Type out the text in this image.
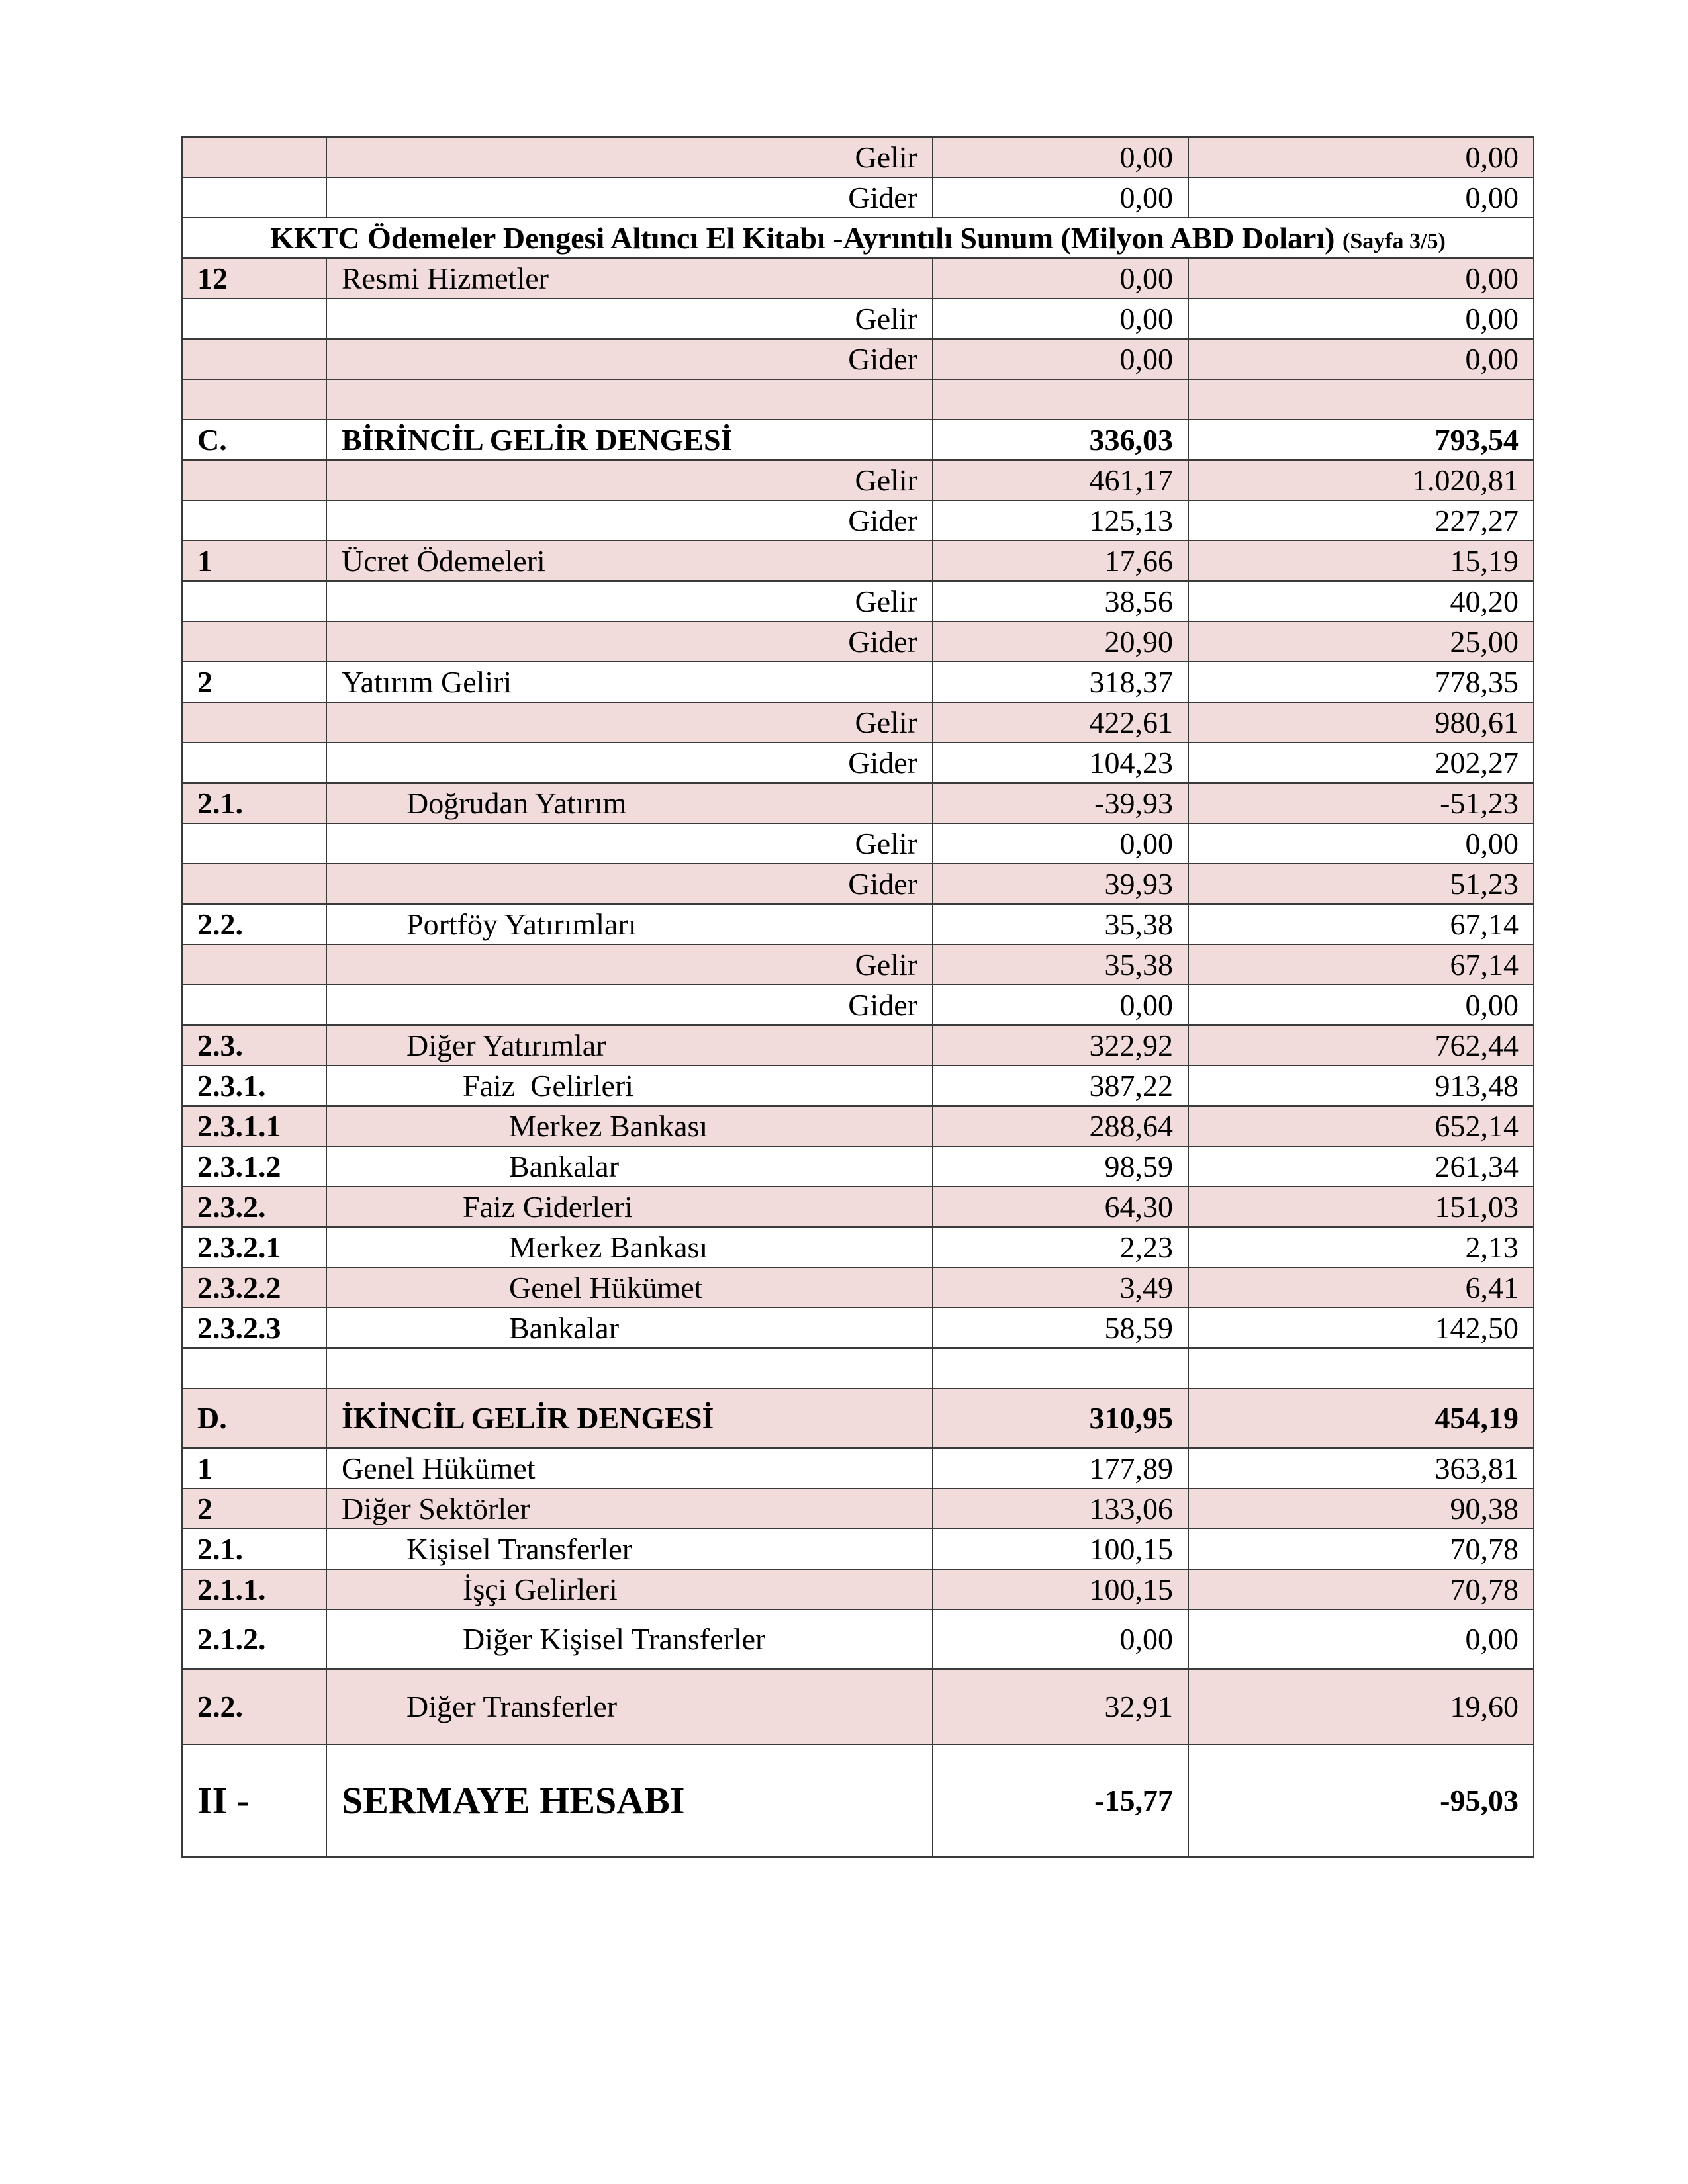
	Gelir	0,00	0,00
	Gider	0,00	0,00
KKTC Ödemeler Dengesi Altıncı El Kitabı -Ayrıntılı Sunum (Milyon ABD Doları) (Sayfa 3/5)			
12	Resmi Hizmetler	0,00	0,00
	Gelir	0,00	0,00
	Gider	0,00	0,00

C.	BİRİNCİL GELİR DENGESİ	336,03	793,54
	Gelir	461,17	1.020,81
	Gider	125,13	227,27
1	Ücret Ödemeleri	17,66	15,19
	Gelir	38,56	40,20
	Gider	20,90	25,00
2	Yatırım Geliri	318,37	778,35
	Gelir	422,61	980,61
	Gider	104,23	202,27
2.1.	Doğrudan Yatırım	-39,93	-51,23
	Gelir	0,00	0,00
	Gider	39,93	51,23
2.2.	Portföy Yatırımları	35,38	67,14
	Gelir	35,38	67,14
	Gider	0,00	0,00
2.3.	Diğer Yatırımlar	322,92	762,44
2.3.1.	Faiz  Gelirleri	387,22	913,48
2.3.1.1	Merkez Bankası	288,64	652,14
2.3.1.2	Bankalar	98,59	261,34
2.3.2.	Faiz Giderleri	64,30	151,03
2.3.2.1	Merkez Bankası	2,23	2,13
2.3.2.2	Genel Hükümet	3,49	6,41
2.3.2.3	Bankalar	58,59	142,50

D.	İKİNCİL GELİR DENGESİ	310,95	454,19
1	Genel Hükümet	177,89	363,81
2	Diğer Sektörler	133,06	90,38
2.1.	Kişisel Transferler	100,15	70,78
2.1.1.	İşçi Gelirleri	100,15	70,78
2.1.2.	Diğer Kişisel Transferler	0,00	0,00
2.2.	Diğer Transferler	32,91	19,60
II -	SERMAYE HESABI	-15,77	-95,03
